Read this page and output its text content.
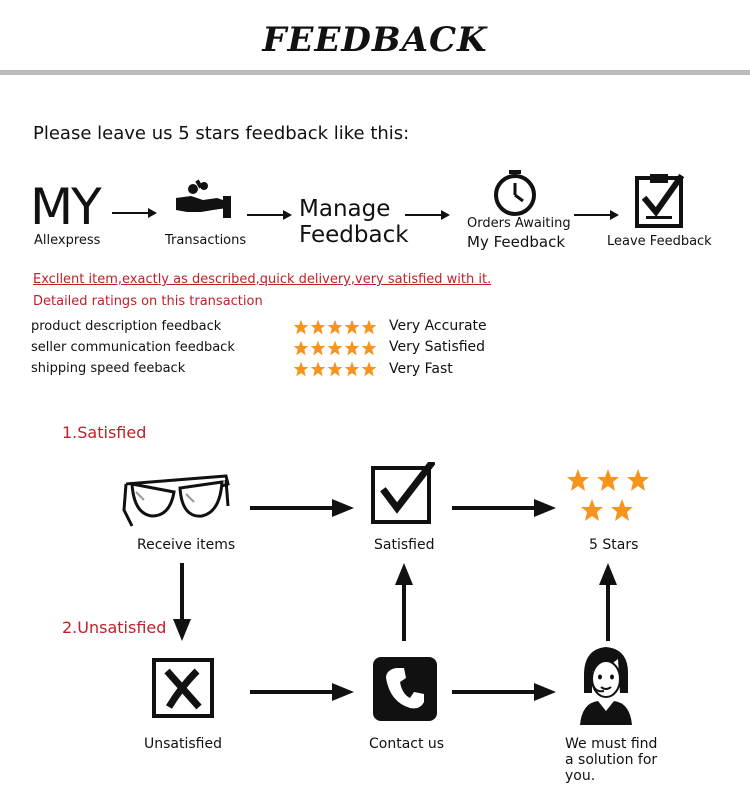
FEEDBACK
Please leave us 5 stars feedback like this:
MY
Allexpress	Transactions
Manage
Feedback	Orders Awaiting
My Feedback	Leave Feedback
Excllent item,exactly as described,quick delivery,very satisfied with it.
Detailed ratings on this transaction
product description feedback	Very Accurate
seller communication feedback	Very Satisfied
shipping speed feeback	Very Fast
1.Satisfied
Receive items	Satisfied	5 Stars
2.Unsatisfied
Unsatisfied	Contact us	We must find
a solution for
you.
